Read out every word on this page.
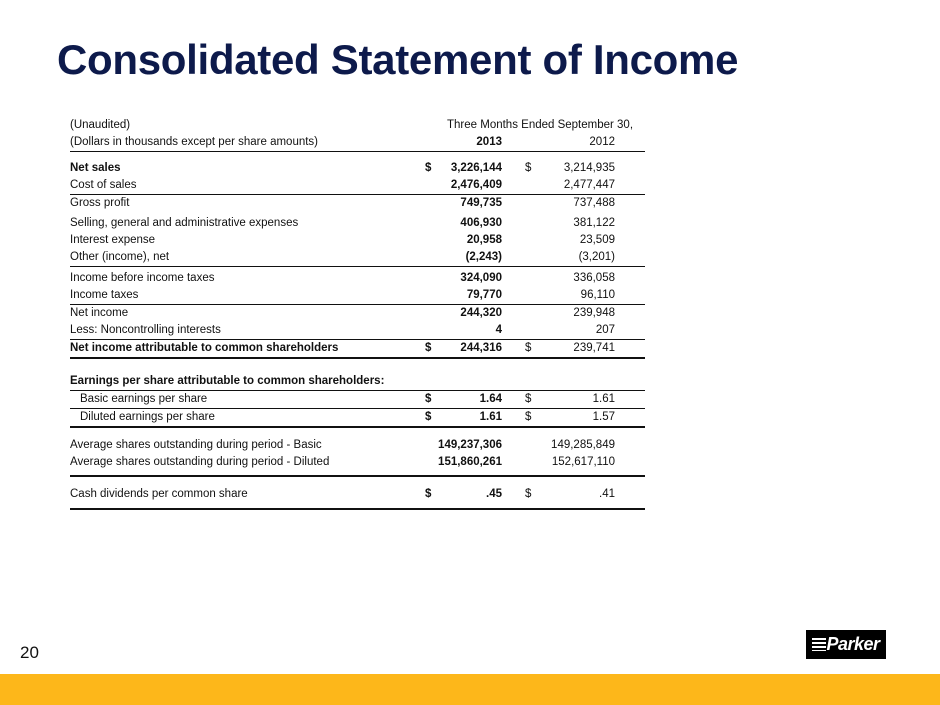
Consolidated Statement of Income
(Unaudited)	Three Months Ended September 30,
(Dollars in thousands except per share amounts)	2013	2012
Net sales	$	3,226,144 $	3,214,935
Cost of sales	2,476,409	2,477,447
Gross profit	749,735	737,488
Selling, general and administrative expenses	406,930	381,122
Interest expense	20,958	23,509
Other (income), net	(2,243)	(3,201)
Income before income taxes	324,090	336,058
Income taxes	79,770	96,110
Net income	244,320	239,948
Less: Noncontrolling interests	4	207
Net income attributable to common shareholders	$	244,316 $	239,741
Earnings per share attributable to common shareholders:
Basic earnings per share	$	1.64 $	1.61
Diluted earnings per share	$	1.61 $	1.57
Average shares outstanding during period - Basic	149,237,306	149,285,849
Average shares outstanding during period - Diluted	151,860,261	152,617,110
Cash dividends per common share	$	.45 $	.41
20	Parker
